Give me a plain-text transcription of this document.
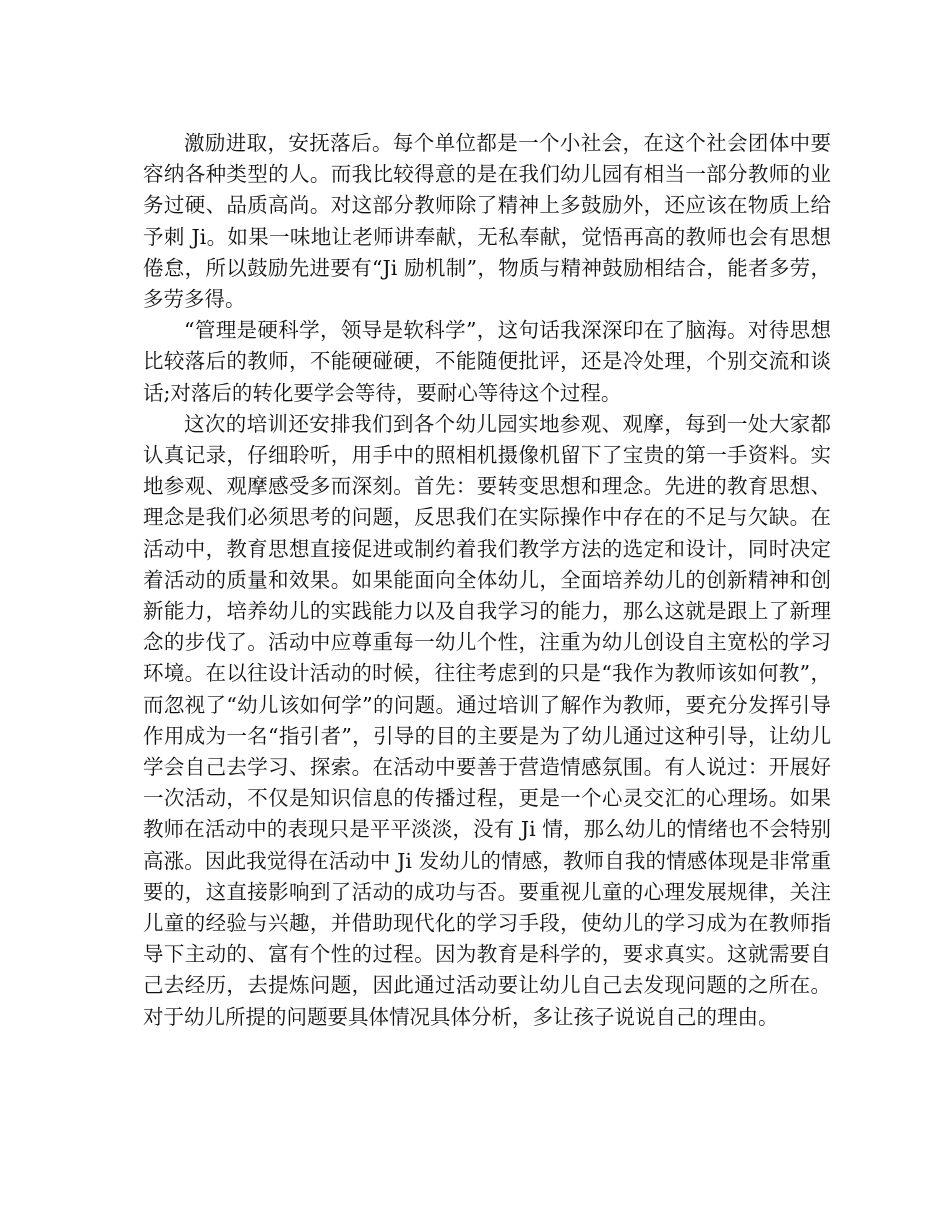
激励进取，安抚落后。每个单位都是一个小社会，在这个社会团体中要容纳各种类型的人。而我比较得意的是在我们幼儿园有相当一部分教师的业务过硬、品质高尚。对这部分教师除了精神上多鼓励外，还应该在物质上给予刺 Ji。如果一味地让老师讲奉献，无私奉献，觉悟再高的教师也会有思想倦怠，所以鼓励先进要有“Ji 励机制”，物质与精神鼓励相结合，能者多劳，多劳多得。

“管理是硬科学，领导是软科学”，这句话我深深印在了脑海。对待思想比较落后的教师，不能硬碰硬，不能随便批评，还是冷处理，个别交流和谈话;对落后的转化要学会等待，要耐心等待这个过程。

这次的培训还安排我们到各个幼儿园实地参观、观摩，每到一处大家都认真记录，仔细聆听，用手中的照相机摄像机留下了宝贵的第一手资料。实地参观、观摩感受多而深刻。首先：要转变思想和理念。先进的教育思想、理念是我们必须思考的问题，反思我们在实际操作中存在的不足与欠缺。在活动中，教育思想直接促进或制约着我们教学方法的选定和设计，同时决定着活动的质量和效果。如果能面向全体幼儿，全面培养幼儿的创新精神和创新能力，培养幼儿的实践能力以及自我学习的能力，那么这就是跟上了新理念的步伐了。活动中应尊重每一幼儿个性，注重为幼儿创设自主宽松的学习环境。在以往设计活动的时候，往往考虑到的只是“我作为教师该如何教”，而忽视了“幼儿该如何学”的问题。通过培训了解作为教师，要充分发挥引导作用成为一名“指引者”，引导的目的主要是为了幼儿通过这种引导，让幼儿学会自己去学习、探索。在活动中要善于营造情感氛围。有人说过：开展好一次活动，不仅是知识信息的传播过程，更是一个心灵交汇的心理场。如果教师在活动中的表现只是平平淡淡，没有 Ji 情，那么幼儿的情绪也不会特别高涨。因此我觉得在活动中 Ji 发幼儿的情感，教师自我的情感体现是非常重要的，这直接影响到了活动的成功与否。要重视儿童的心理发展规律，关注儿童的经验与兴趣，并借助现代化的学习手段，使幼儿的学习成为在教师指导下主动的、富有个性的过程。因为教育是科学的，要求真实。这就需要自己去经历，去提炼问题，因此通过活动要让幼儿自己去发现问题的之所在。对于幼儿所提的问题要具体情况具体分析，多让孩子说说自己的理由。
